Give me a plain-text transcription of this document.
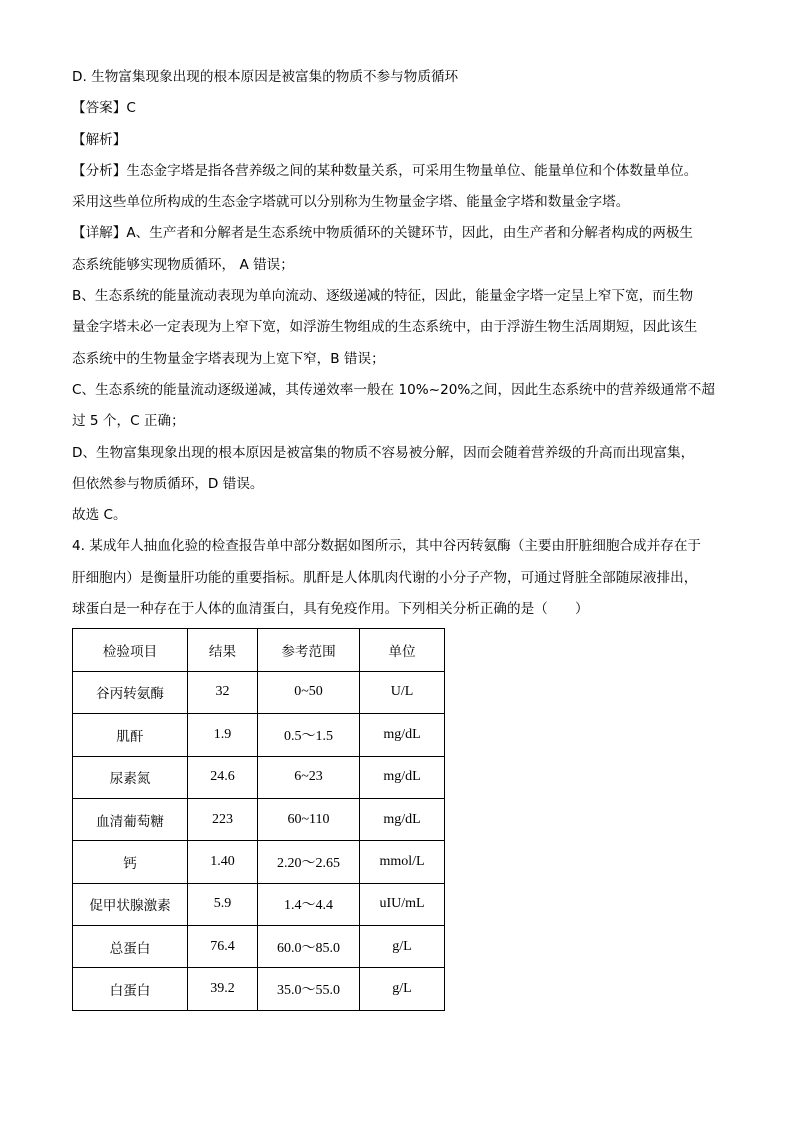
D. 生物富集现象出现的根本原因是被富集的物质不参与物质循环
【答案】C
【解析】
【分析】生态金字塔是指各营养级之间的某种数量关系，可采用生物量单位、能量单位和个体数量单位。
采用这些单位所构成的生态金字塔就可以分别称为生物量金字塔、能量金字塔和数量金字塔。
【详解】A、生产者和分解者是生态系统中物质循环的关键环节，因此，由生产者和分解者构成的两极生
态系统能够实现物质循环， A 错误；
B、生态系统的能量流动表现为单向流动、逐级递减的特征，因此，能量金字塔一定呈上窄下宽，而生物
量金字塔未必一定表现为上窄下宽，如浮游生物组成的生态系统中，由于浮游生物生活周期短，因此该生
态系统中的生物量金字塔表现为上宽下窄，B 错误；
C、生态系统的能量流动逐级递减，其传递效率一般在 10%~20%之间，因此生态系统中的营养级通常不超
过 5 个，C 正确；
D、生物富集现象出现的根本原因是被富集的物质不容易被分解，因而会随着营养级的升高而出现富集，
但依然参与物质循环，D 错误。
故选 C。
4. 某成年人抽血化验的检查报告单中部分数据如图所示，其中谷丙转氨酶（主要由肝脏细胞合成并存在于
肝细胞内）是衡量肝功能的重要指标。肌酐是人体肌肉代谢的小分子产物，可通过肾脏全部随尿液排出，
球蛋白是一种存在于人体的血清蛋白，具有免疫作用。下列相关分析正确的是（　　）
检验项目	结果	参考范围	单位
谷丙转氨酶	32	0~50	U/L
肌酐	1.9	0.5～1.5	mg/dL
尿素氮	24.6	6~23	mg/dL
血清葡萄糖	223	60~110	mg/dL
钙	1.40	2.20～2.65	mmol/L
促甲状腺激素	5.9	1.4～4.4	uIU/mL
总蛋白	76.4	60.0～85.0	g/L
白蛋白	39.2	35.0～55.0	g/L
